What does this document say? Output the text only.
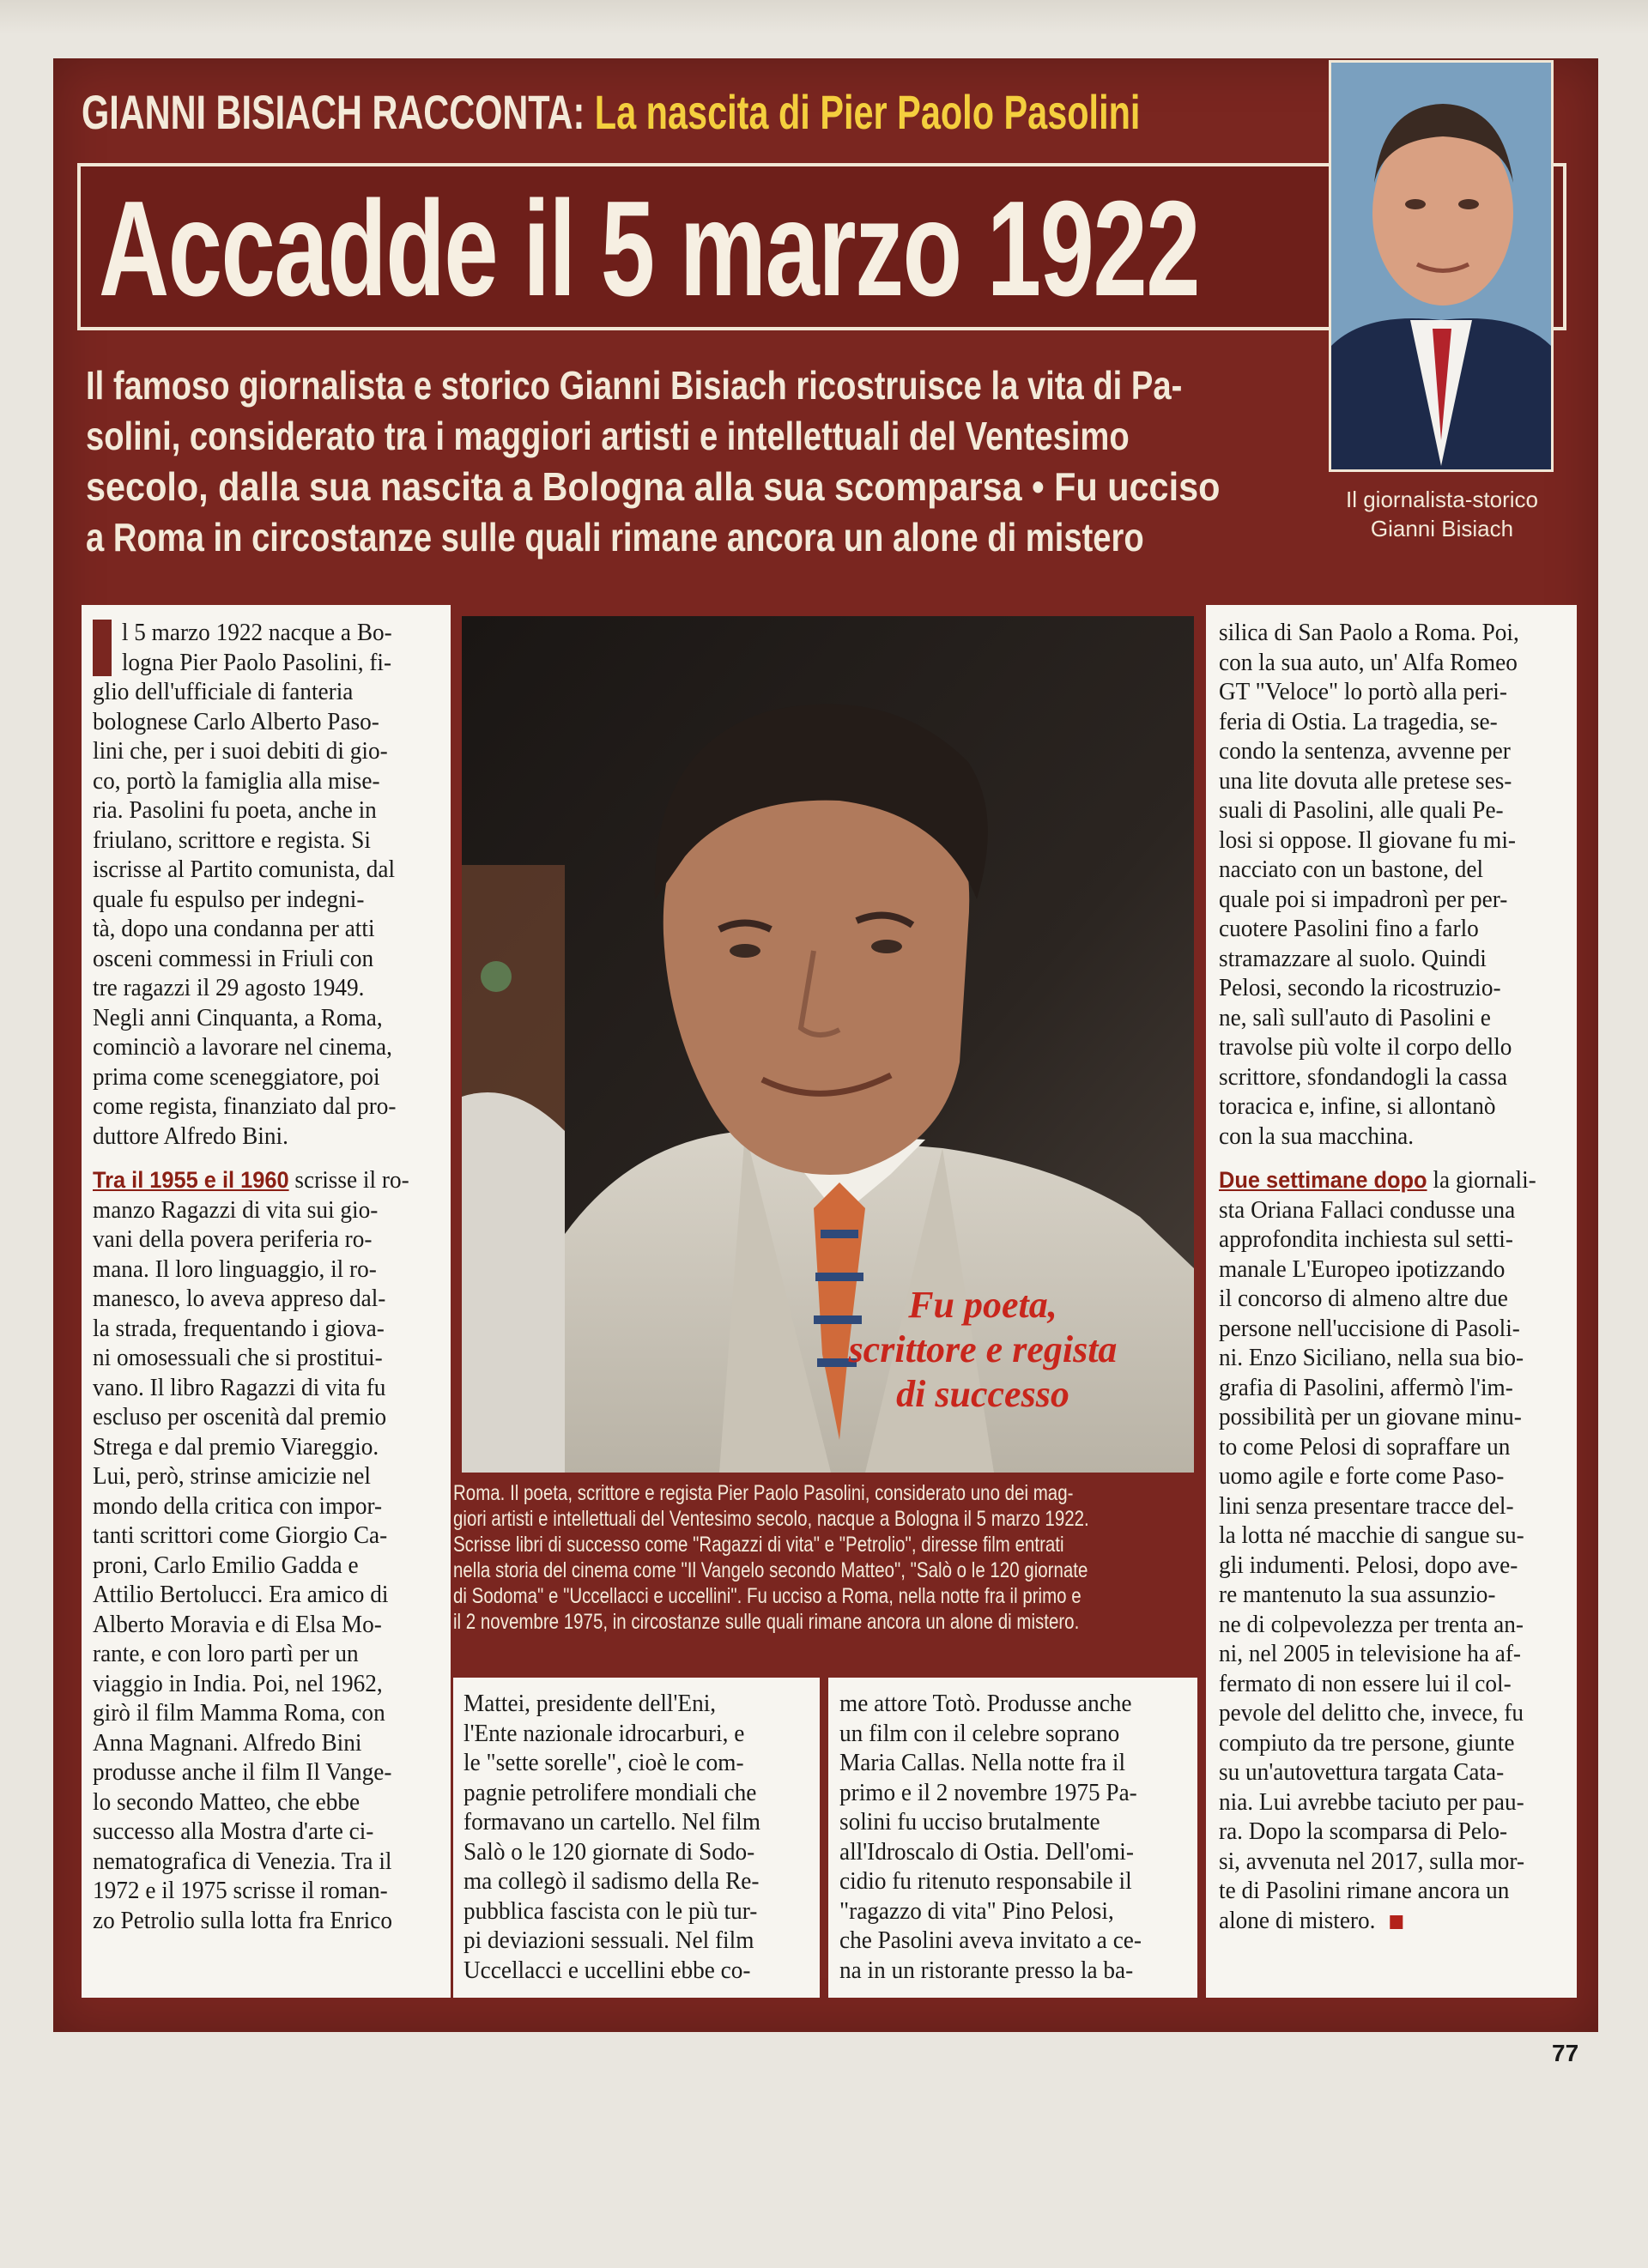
GIANNI BISIACH RACCONTA: La nascita di Pier Paolo Pasolini
Accadde il 5 marzo 1922
Il famoso giornalista e storico Gianni Bisiach ricostruisce la vita di Pa-
solini, considerato tra i maggiori artisti e intellettuali del Ventesimo
secolo, dalla sua nascita a Bologna alla sua scomparsa • Fu ucciso
a Roma in circostanze sulle quali rimane ancora un alone di mistero
Il giornalista-storico
Gianni Bisiach
l 5 marzo 1922 nacque a Bo-
logna Pier Paolo Pasolini, fi-
glio dell'ufficiale di fanteria
bolognese Carlo Alberto Paso-
lini che, per i suoi debiti di gio-
co, portò la famiglia alla mise-
ria. Pasolini fu poeta, anche in
friulano, scrittore e regista. Si
iscrisse al Partito comunista, dal
quale fu espulso per indegni-
tà, dopo una condanna per atti
osceni commessi in Friuli con
tre ragazzi il 29 agosto 1949.
Negli anni Cinquanta, a Roma,
cominciò a lavorare nel cinema,
prima come sceneggiatore, poi
come regista, finanziato dal pro-
duttore Alfredo Bini.
Tra il 1955 e il 1960 scrisse il ro-
manzo Ragazzi di vita sui gio-
vani della povera periferia ro-
mana. Il loro linguaggio, il ro-
manesco, lo aveva appreso dal-
la strada, frequentando i giova-
ni omosessuali che si prostitui-
vano. Il libro Ragazzi di vita fu
escluso per oscenità dal premio
Strega e dal premio Viareggio.
Lui, però, strinse amicizie nel
mondo della critica con impor-
tanti scrittori come Giorgio Ca-
proni, Carlo Emilio Gadda e
Attilio Bertolucci. Era amico di
Alberto Moravia e di Elsa Mo-
rante, e con loro partì per un
viaggio in India. Poi, nel 1962,
girò il film Mamma Roma, con
Anna Magnani. Alfredo Bini
produsse anche il film Il Vange-
lo secondo Matteo, che ebbe
successo alla Mostra d'arte ci-
nematografica di Venezia. Tra il
1972 e il 1975 scrisse il roman-
zo Petrolio sulla lotta fra Enrico
Fu poeta,
scrittore e regista
di successo
Roma. Il poeta, scrittore e regista Pier Paolo Pasolini, considerato uno dei mag-
giori artisti e intellettuali del Ventesimo secolo, nacque a Bologna il 5 marzo 1922.
Scrisse libri di successo come "Ragazzi di vita" e "Petrolio", diresse film entrati
nella storia del cinema come "Il Vangelo secondo Matteo", "Salò o le 120 giornate
di Sodoma" e "Uccellacci e uccellini". Fu ucciso a Roma, nella notte fra il primo e
il 2 novembre 1975, in circostanze sulle quali rimane ancora un alone di mistero.
Mattei, presidente dell'Eni,
l'Ente nazionale idrocarburi, e
le "sette sorelle", cioè le com-
pagnie petrolifere mondiali che
formavano un cartello. Nel film
Salò o le 120 giornate di Sodo-
ma collegò il sadismo della Re-
pubblica fascista con le più tur-
pi deviazioni sessuali. Nel film
Uccellacci e uccellini ebbe co-
me attore Totò. Produsse anche
un film con il celebre soprano
Maria Callas. Nella notte fra il
primo e il 2 novembre 1975 Pa-
solini fu ucciso brutalmente
all'Idroscalo di Ostia. Dell'omi-
cidio fu ritenuto responsabile il
"ragazzo di vita" Pino Pelosi,
che Pasolini aveva invitato a ce-
na in un ristorante presso la ba-
silica di San Paolo a Roma. Poi,
con la sua auto, un' Alfa Romeo
GT "Veloce" lo portò alla peri-
feria di Ostia. La tragedia, se-
condo la sentenza, avvenne per
una lite dovuta alle pretese ses-
suali di Pasolini, alle quali Pe-
losi si oppose. Il giovane fu mi-
nacciato con un bastone, del
quale poi si impadronì per per-
cuotere Pasolini fino a farlo
stramazzare al suolo. Quindi
Pelosi, secondo la ricostruzio-
ne, salì sull'auto di Pasolini e
travolse più volte il corpo dello
scrittore, sfondandogli la cassa
toracica e, infine, si allontanò
con la sua macchina.
Due settimane dopo la giornali-
sta Oriana Fallaci condusse una
approfondita inchiesta sul setti-
manale L'Europeo ipotizzando
il concorso di almeno altre due
persone nell'uccisione di Pasoli-
ni. Enzo Siciliano, nella sua bio-
grafia di Pasolini, affermò l'im-
possibilità per un giovane minu-
to come Pelosi di sopraffare un
uomo agile e forte come Paso-
lini senza presentare tracce del-
la lotta né macchie di sangue su-
gli indumenti. Pelosi, dopo ave-
re mantenuto la sua assunzio-
ne di colpevolezza per trenta an-
ni, nel 2005 in televisione ha af-
fermato di non essere lui il col-
pevole del delitto che, invece, fu
compiuto da tre persone, giunte
su un'autovettura targata Cata-
nia. Lui avrebbe taciuto per pau-
ra. Dopo la scomparsa di Pelo-
si, avvenuta nel 2017, sulla mor-
te di Pasolini rimane ancora un
alone di mistero.
77
